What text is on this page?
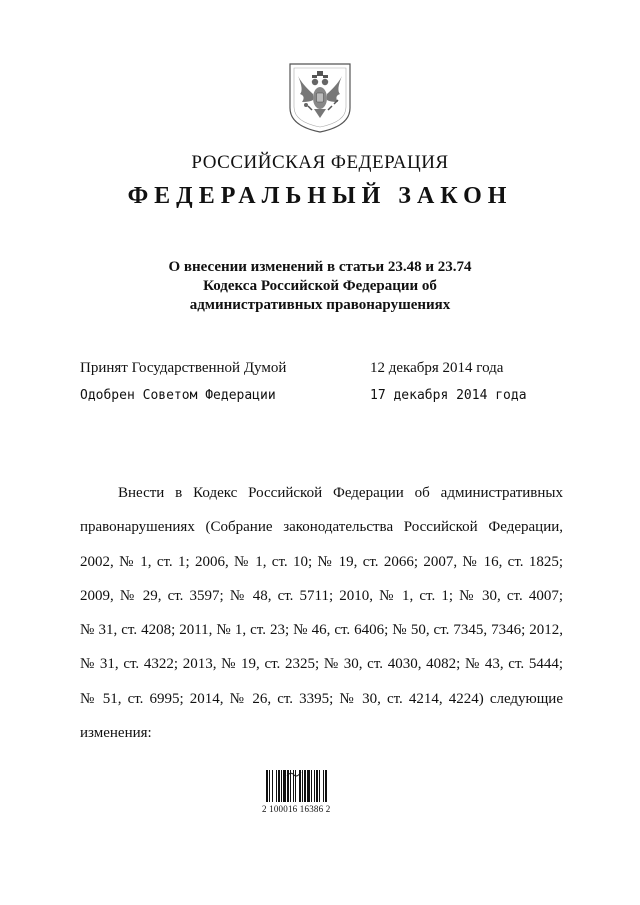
РОССИЙСКАЯ ФЕДЕРАЦИЯ
ФЕДЕРАЛЬНЫЙ ЗАКОН
О внесении изменений в статьи 23.48 и 23.74
Кодекса Российской Федерации об
административных правонарушениях
Принят Государственной Думой	12 декабря 2014 года
Одобрен Советом Федерации	17 декабря 2014 года
Внести в Кодекс Российской Федерации об административных
правонарушениях (Собрание законодательства Российской Федерации,
2002, № 1, ст. 1; 2006, № 1, ст. 10; № 19, ст. 2066; 2007, № 16, ст. 1825;
2009, № 29, ст. 3597; № 48, ст. 5711; 2010, № 1, ст. 1; № 30, ст. 4007;
№ 31, ст. 4208; 2011, № 1, ст. 23; № 46, ст. 6406; № 50, ст. 7345, 7346; 2012,
№ 31, ст. 4322; 2013, № 19, ст. 2325; № 30, ст. 4030, 4082; № 43, ст. 5444;
№ 51, ст. 6995; 2014, № 26, ст. 3395; № 30, ст. 4214, 4224) следующие
изменения:
2 100016 16386 2
